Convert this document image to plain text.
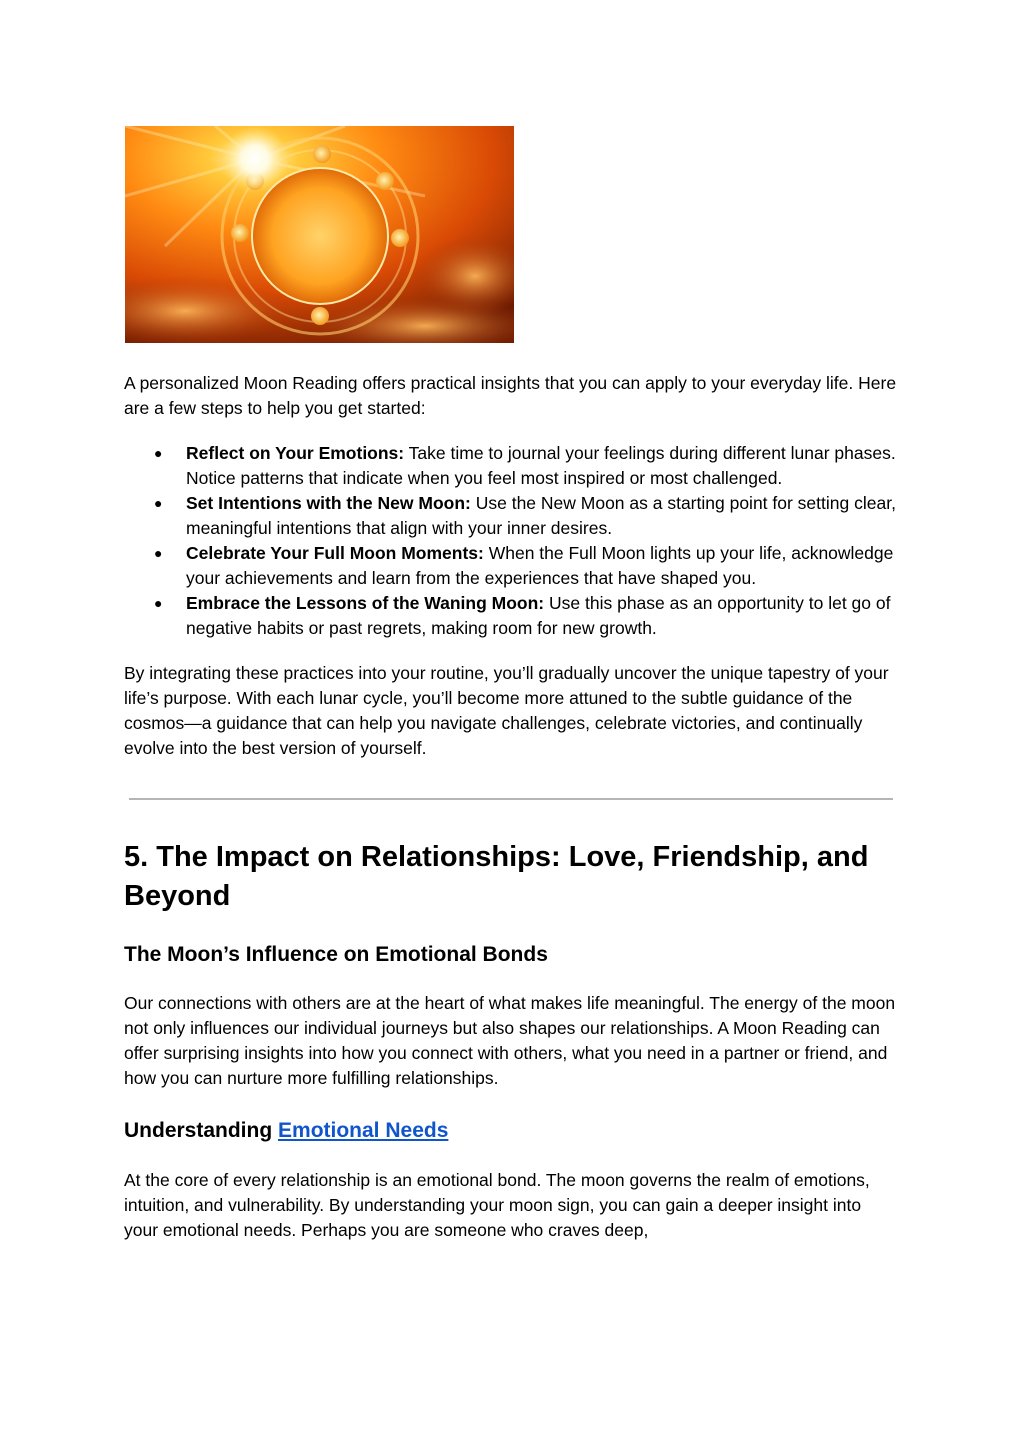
A personalized Moon Reading offers practical insights that you can apply to your everyday life. Here are a few steps to help you get started:

● Reflect on Your Emotions: Take time to journal your feelings during different lunar phases. Notice patterns that indicate when you feel most inspired or most challenged.
● Set Intentions with the New Moon: Use the New Moon as a starting point for setting clear, meaningful intentions that align with your inner desires.
● Celebrate Your Full Moon Moments: When the Full Moon lights up your life, acknowledge your achievements and learn from the experiences that have shaped you.
● Embrace the Lessons of the Waning Moon: Use this phase as an opportunity to let go of negative habits or past regrets, making room for new growth.

By integrating these practices into your routine, you’ll gradually uncover the unique tapestry of your life’s purpose. With each lunar cycle, you’ll become more attuned to the subtle guidance of the cosmos—a guidance that can help you navigate challenges, celebrate victories, and continually evolve into the best version of yourself.

5. The Impact on Relationships: Love, Friendship, and Beyond
The Moon’s Influence on Emotional Bonds

Our connections with others are at the heart of what makes life meaningful. The energy of the moon not only influences our individual journeys but also shapes our relationships. A Moon Reading can offer surprising insights into how you connect with others, what you need in a partner or friend, and how you can nurture more fulfilling relationships.

Understanding Emotional Needs

At the core of every relationship is an emotional bond. The moon governs the realm of emotions, intuition, and vulnerability. By understanding your moon sign, you can gain a deeper insight into your emotional needs. Perhaps you are someone who craves deep,
